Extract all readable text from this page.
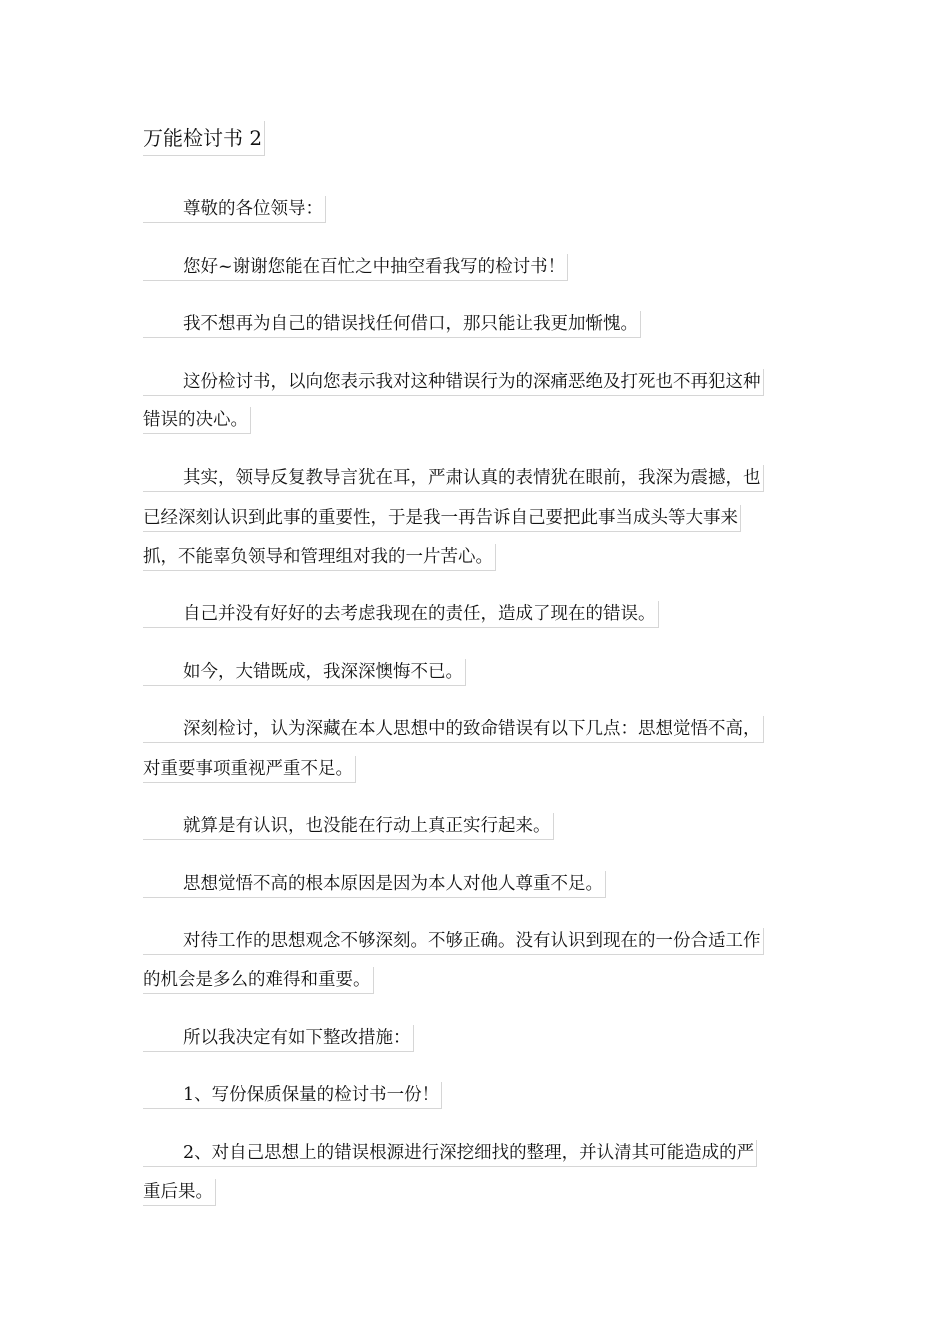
万能检讨书 2
尊敬的各位领导：
您好~谢谢您能在百忙之中抽空看我写的检讨书！
我不想再为自己的错误找任何借口，那只能让我更加惭愧。
这份检讨书，以向您表示我对这种错误行为的深痛恶绝及打死也不再犯这种
错误的决心。
其实，领导反复教导言犹在耳，严肃认真的表情犹在眼前，我深为震撼，也
已经深刻认识到此事的重要性，于是我一再告诉自己要把此事当成头等大事来
抓，不能辜负领导和管理组对我的一片苦心。
自己并没有好好的去考虑我现在的责任，造成了现在的错误。
如今，大错既成，我深深懊悔不已。
深刻检讨，认为深藏在本人思想中的致命错误有以下几点：思想觉悟不高，
对重要事项重视严重不足。
就算是有认识，也没能在行动上真正实行起来。
思想觉悟不高的根本原因是因为本人对他人尊重不足。
对待工作的思想观念不够深刻。不够正确。没有认识到现在的一份合适工作
的机会是多么的难得和重要。
所以我决定有如下整改措施：
1、写份保质保量的检讨书一份！
2、对自己思想上的错误根源进行深挖细找的整理，并认清其可能造成的严
重后果。
